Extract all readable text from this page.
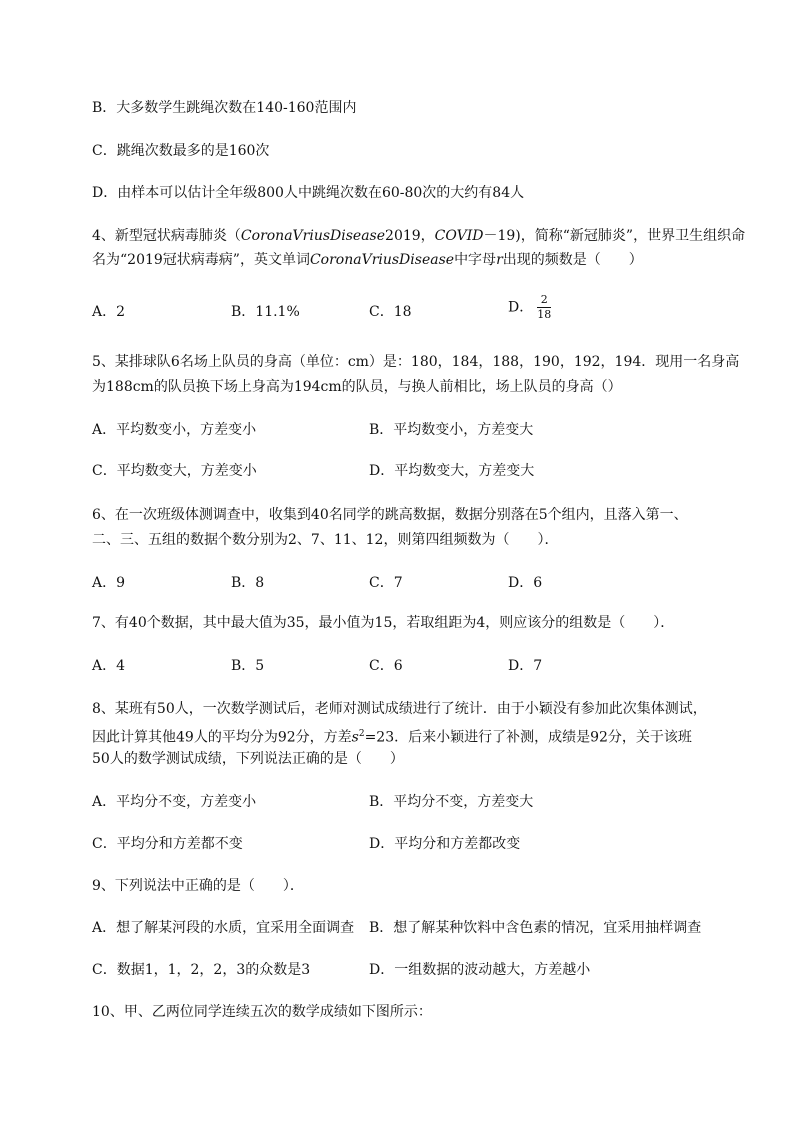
B．大多数学生跳绳次数在140-160范围内
C．跳绳次数最多的是160次
D．由样本可以估计全年级800人中跳绳次数在60-80次的大约有84人
4、新型冠状病毒肺炎（CoronaVriusDisease2019，COVID－19)，简称“新冠肺炎”，世界卫生组织命
名为“2019冠状病毒病”，英文单词CoronaVriusDisease中字母r出现的频数是（　　）
A．2	B．11.1%	C．18	D． $\frac{2}{18}$
5、某排球队6名场上队员的身高（单位：cm）是：180，184，188，190，192，194．现用一名身高
为188cm的队员换下场上身高为194cm的队员，与换人前相比，场上队员的身高（）
A．平均数变小，方差变小	B．平均数变小，方差变大
C．平均数变大，方差变小	D．平均数变大，方差变大
6、在一次班级体测调查中，收集到40名同学的跳高数据，数据分别落在5个组内，且落入第一、
二、三、五组的数据个数分别为2、7、11、12，则第四组频数为（　　）．
A．9	B．8	C．7	D．6
7、有40个数据，其中最大值为35，最小值为15，若取组距为4，则应该分的组数是（　　）．
A．4	B．5	C．6	D．7
8、某班有50人，一次数学测试后，老师对测试成绩进行了统计．由于小颖没有参加此次集体测试，
因此计算其他49人的平均分为92分，方差$s^2=23$．后来小颖进行了补测，成绩是92分，关于该班
50人的数学测试成绩，下列说法正确的是（　　）
A．平均分不变，方差变小	B．平均分不变，方差变大
C．平均分和方差都不变	D．平均分和方差都改变
9、下列说法中正确的是（　　）．
A．想了解某河段的水质，宜采用全面调查 B．想了解某种饮料中含色素的情况，宜采用抽样调查
C．数据1，1，2，2，3的众数是3	D．一组数据的波动越大，方差越小
10、甲、乙两位同学连续五次的数学成绩如下图所示：
